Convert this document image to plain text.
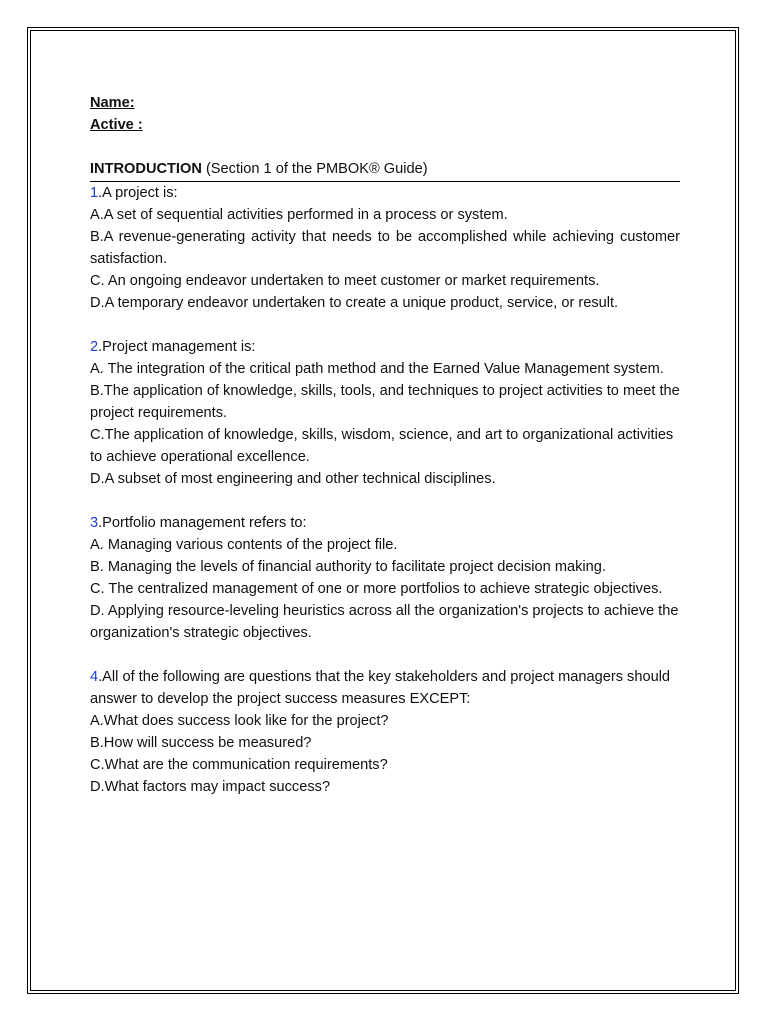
Name:
Active :
INTRODUCTION (Section 1 of the PMBOK® Guide)
1.A project is:
A.A set of sequential activities performed in a process or system.
B.A revenue-generating activity that needs to be accomplished while achieving customer satisfaction.
C. An ongoing endeavor undertaken to meet customer or market requirements.
D.A temporary endeavor undertaken to create a unique product, service, or result.
2.Project management is:
A. The integration of the critical path method and the Earned Value Management system.
B.The application of knowledge, skills, tools, and techniques to project activities to meet the project requirements.
C.The application of knowledge, skills, wisdom, science, and art to organizational activities to achieve operational excellence.
D.A subset of most engineering and other technical disciplines.
3.Portfolio management refers to:
A. Managing various contents of the project file.
B. Managing the levels of financial authority to facilitate project decision making.
C. The centralized management of one or more portfolios to achieve strategic objectives.
D. Applying resource-leveling heuristics across all the organization's projects to achieve the organization's strategic objectives.
4.All of the following are questions that the key stakeholders and project managers should answer to develop the project success measures EXCEPT:
A.What does success look like for the project?
B.How will success be measured?
C.What are the communication requirements?
D.What factors may impact success?
